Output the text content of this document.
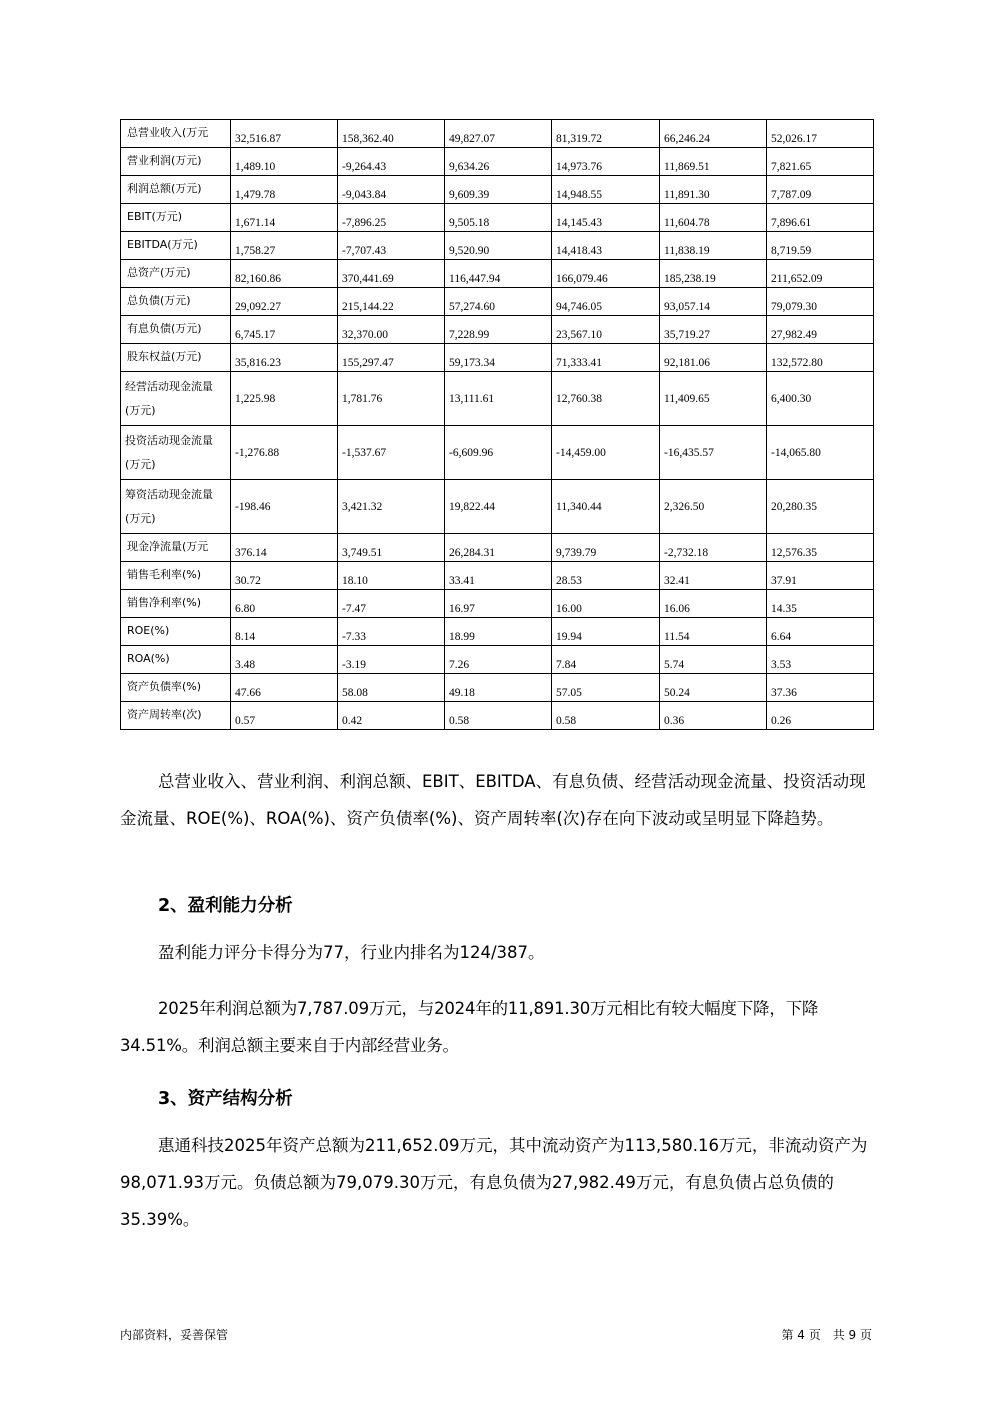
总营业收入(万元	32,516.87	158,362.40	49,827.07	81,319.72	66,246.24	52,026.17
营业利润(万元)	1,489.10	-9,264.43	9,634.26	14,973.76	11,869.51	7,821.65
利润总额(万元)	1,479.78	-9,043.84	9,609.39	14,948.55	11,891.30	7,787.09
EBIT(万元)	1,671.14	-7,896.25	9,505.18	14,145.43	11,604.78	7,896.61
EBITDA(万元)	1,758.27	-7,707.43	9,520.90	14,418.43	11,838.19	8,719.59
总资产(万元)	82,160.86	370,441.69	116,447.94	166,079.46	185,238.19	211,652.09
总负债(万元)	29,092.27	215,144.22	57,274.60	94,746.05	93,057.14	79,079.30
有息负债(万元)	6,745.17	32,370.00	7,228.99	23,567.10	35,719.27	27,982.49
股东权益(万元)	35,816.23	155,297.47	59,173.34	71,333.41	92,181.06	132,572.80
经营活动现金流量(万元)	1,225.98	1,781.76	13,111.61	12,760.38	11,409.65	6,400.30
投资活动现金流量(万元)	-1,276.88	-1,537.67	-6,609.96	-14,459.00	-16,435.57	-14,065.80
筹资活动现金流量(万元)	-198.46	3,421.32	19,822.44	11,340.44	2,326.50	20,280.35
现金净流量(万元	376.14	3,749.51	26,284.31	9,739.79	-2,732.18	12,576.35
销售毛利率(%)	30.72	18.10	33.41	28.53	32.41	37.91
销售净利率(%)	6.80	-7.47	16.97	16.00	16.06	14.35
ROE(%)	8.14	-7.33	18.99	19.94	11.54	6.64
ROA(%)	3.48	-3.19	7.26	7.84	5.74	3.53
资产负债率(%)	47.66	58.08	49.18	57.05	50.24	37.36
资产周转率(次)	0.57	0.42	0.58	0.58	0.36	0.26

总营业收入、营业利润、利润总额、EBIT、EBITDA、有息负债、经营活动现金流量、投资活动现金流量、ROE(%)、ROA(%)、资产负债率(%)、资产周转率(次)存在向下波动或呈明显下降趋势。

2、盈利能力分析

盈利能力评分卡得分为77，行业内排名为124/387。

2025年利润总额为7,787.09万元，与2024年的11,891.30万元相比有较大幅度下降，下降34.51%。利润总额主要来自于内部经营业务。

3、资产结构分析

惠通科技2025年资产总额为211,652.09万元，其中流动资产为113,580.16万元，非流动资产为98,071.93万元。负债总额为79,079.30万元，有息负债为27,982.49万元，有息负债占总负债的35.39%。

内部资料，妥善保管	第 4 页　共 9 页
